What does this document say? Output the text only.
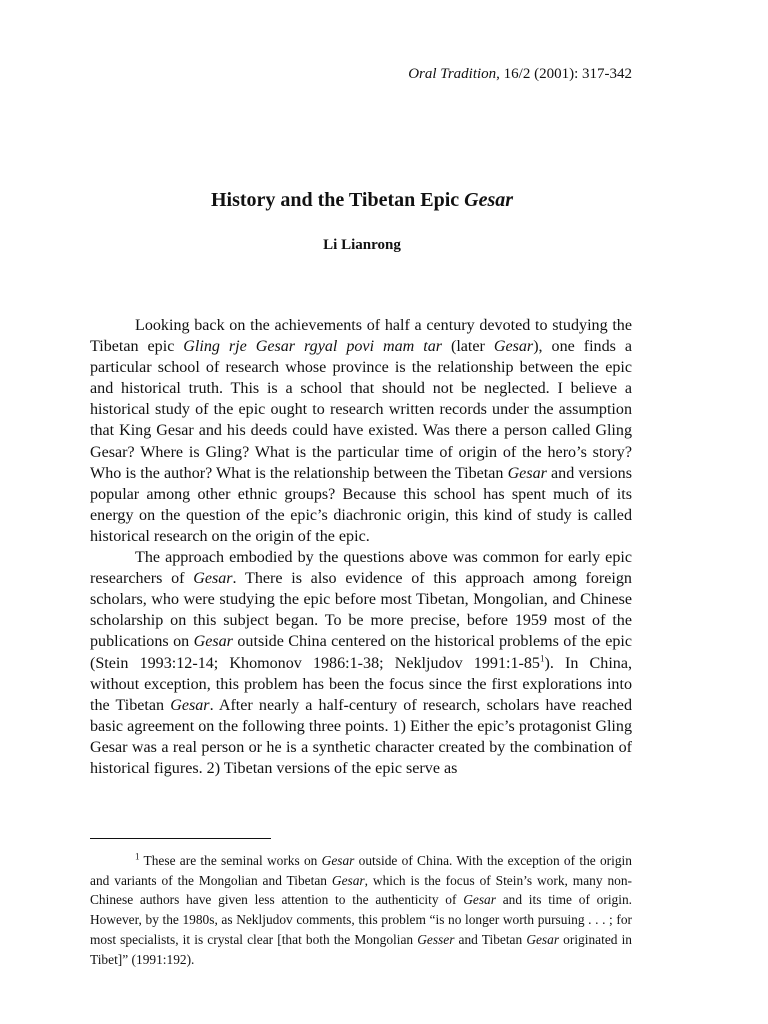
Oral Tradition, 16/2 (2001): 317-342
History and the Tibetan Epic Gesar
Li Lianrong

Looking back on the achievements of half a century devoted to studying the Tibetan epic Gling rje Gesar rgyal povi mam tar (later Gesar), one finds a particular school of research whose province is the relationship between the epic and historical truth. This is a school that should not be neglected. I believe a historical study of the epic ought to research written records under the assumption that King Gesar and his deeds could have existed. Was there a person called Gling Gesar? Where is Gling? What is the particular time of origin of the hero’s story? Who is the author? What is the relationship between the Tibetan Gesar and versions popular among other ethnic groups? Because this school has spent much of its energy on the question of the epic’s diachronic origin, this kind of study is called historical research on the origin of the epic.

The approach embodied by the questions above was common for early epic researchers of Gesar. There is also evidence of this approach among foreign scholars, who were studying the epic before most Tibetan, Mongolian, and Chinese scholarship on this subject began. To be more precise, before 1959 most of the publications on Gesar outside China centered on the historical problems of the epic (Stein 1993:12-14; Khomonov 1986:1-38; Nekljudov $1991:1-85^1$). In China, without exception, this problem has been the focus since the first explorations into the Tibetan Gesar. After nearly a half-century of research, scholars have reached basic agreement on the following three points. 1) Either the epic’s protagonist Gling Gesar was a real person or he is a synthetic character created by the combination of historical figures. 2) Tibetan versions of the epic serve as

$^1$ These are the seminal works on Gesar outside of China. With the exception of the origin and variants of the Mongolian and Tibetan Gesar, which is the focus of Stein’s work, many non-Chinese authors have given less attention to the authenticity of Gesar and its time of origin. However, by the 1980s, as Nekljudov comments, this problem “is no longer worth pursuing . . . ; for most specialists, it is crystal clear [that both the Mongolian Gesser and Tibetan Gesar originated in Tibet]” (1991:192).
